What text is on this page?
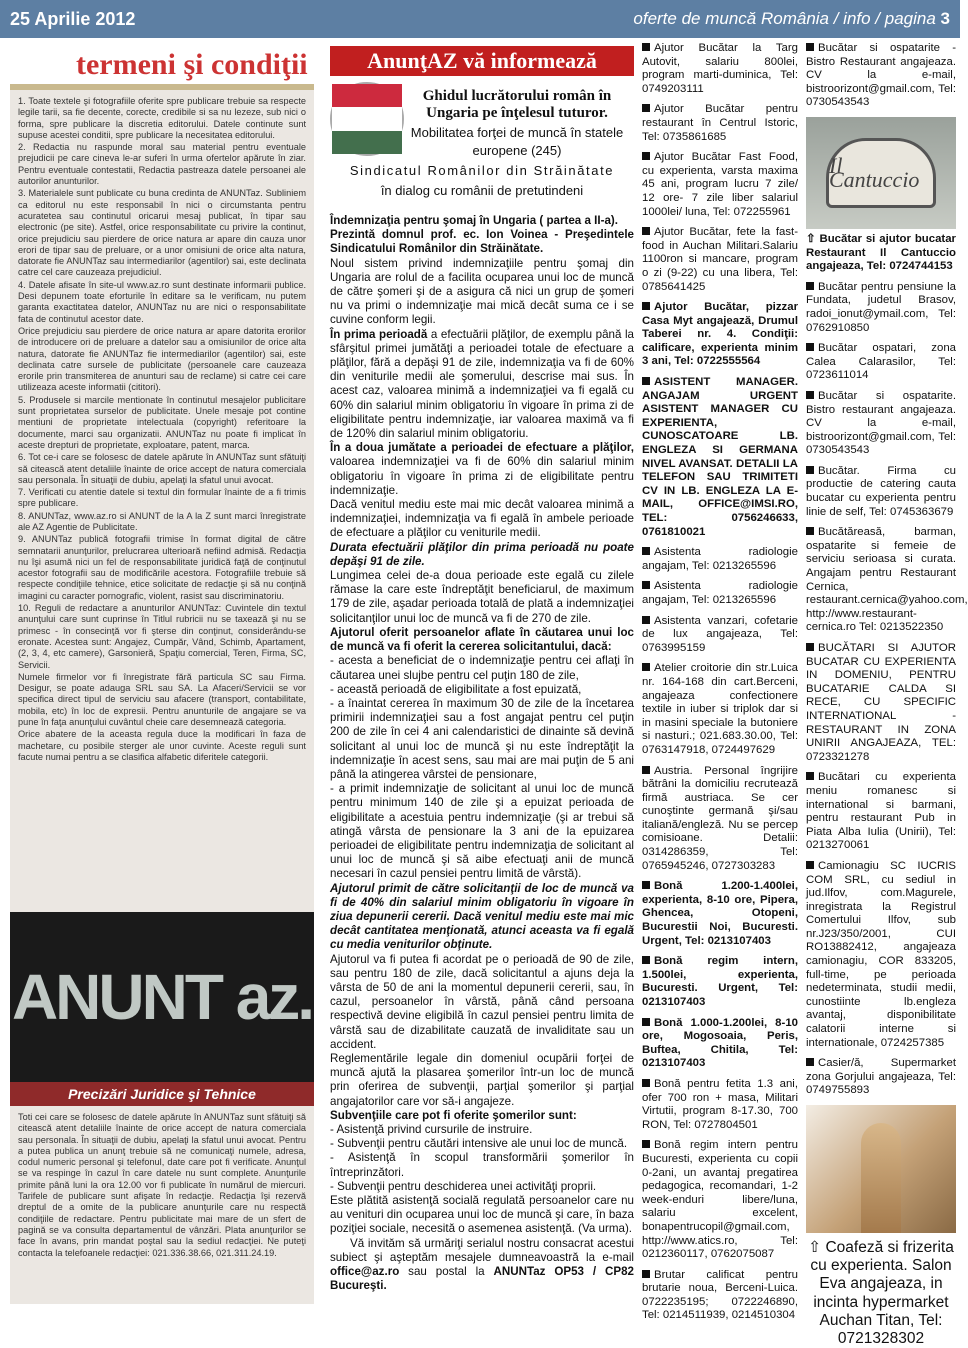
25 Aprilie 2012	oferte de muncă România / info / pagina 3
termeni şi condiţii

1. Toate textele şi fotografiile oferite spre publicare trebuie sa respecte legile tarii, sa fie decente, corecte, credibile si sa nu lezeze, sub nici o forma, spre publicare la discretia editorului. Datele continute sunt supuse acestei conditii, spre publicare la necesitatea editorului.

2. Redactia nu raspunde moral sau material pentru eventuale prejudicii pe care cineva le-ar suferi în urma ofertelor apărute în ziar. Pentru eventuale contestatii, Redactia pastreaza datele persoanei ale autorilor anunturilor.

3. Materialele sunt publicate cu buna credinta de ANUNTaz. Subliniem ca editorul nu este responsabil în nici o circumstanta pentru acuratetea sau continutul oricarui mesaj publicat, în tipar sau electronic (pe site). Astfel, orice responsabilitate cu privire la continut, orice prejudiciu sau pierdere de orice natura ar apare din cauza unor erori de tipar sau de preluare, or a unor omisiuni de orice alta natura, datorate fie ANUNTaz sau intermediarilor (agentilor) sai, este declinata catre cel care cauzeaza prejudiciul.

4. Datele afisate în site-ul www.az.ro sunt destinate informarii publice. Desi depunem toate eforturile în editare sa le verificam, nu putem garanta exactitatea datelor, ANUNTaz nu are nici o responsabilitate fata de continutul acestor date.

Orice prejudiciu sau pierdere de orice natura ar apare datorita erorilor de introducere ori de preluare a datelor sau a omisiunilor de orice alta natura, datorate fie ANUNTaz fie intermediarilor (agentilor) sai, este declinata catre sursele de publicitate (persoanele care cauzeaza erorile prin transmiterea de anunturi sau de reclame) si catre cei care utilizeaza aceste informatii (cititori).

5. Produsele si marcile mentionate în continutul mesajelor publicitare sunt proprietatea surselor de publicitate. Unele mesaje pot contine mentiuni de proprietate intelectuala (copyright) referitoare la documente, marci sau organizatii. ANUNTaz nu poate fi implicat în aceste drepturi de proprietate, exploatare, patent, marca.

6. Tot ce-i care se folosesc de datele apărute în ANUNTaz sunt sfătuiţi să citească atent detaliile înainte de orice accept de natura comerciala sau personala. În situaţii de dubiu, apelaţi la sfatul unui avocat.

7. Verificati cu atentie datele si textul din formular înainte de a fi trimis spre publicare.

8. ANUNTaz, www.az.ro si ANUNT de la A la Z sunt marci înregistrate ale AZ Agentie de Publicitate.

9. ANUNTaz publică fotografii trimise în format digital de către semnatarii anunţurilor, prelucrarea ulterioară nefiind admisă. Redacţia nu îşi asumă nici un fel de responsabilitate juridică faţă de conţinutul acestor fotografii sau de modificările acestora. Fotografiile trebuie să respecte condiţiile tehnice, etice solicitate de redacţie şi să nu conţină imagini cu caracter pornografic, violent, rasist sau discriminatoriu.

10. Reguli de redactare a anunturilor ANUNTaz: Cuvintele din textul anunţului care sunt cuprinse în Titlul rubricii nu se taxează şi nu se primesc - în consecinţă vor fi şterse din conţinut, considerându-se eronate. Acestea sunt: Angajez, Cumpăr, Vând, Schimb, Apartament, (2, 3, 4, etc camere), Garsonieră, Spaţiu comercial, Teren, Firma, SC, Servicii.

Numele firmelor vor fi înregistrate fără particula SC sau Firma. Desigur, se poate adauga SRL sau SA. La Afaceri/Servicii se vor specifica direct tipul de serviciu sau afacere (transport, contabilitate, mobila, etc) în loc de expresii. Pentru anunturile de angajare se va pune în faţa anunţului cuvântul cheie care desemnează categoria.

Orice abatere de la aceasta regula duce la modificari în faza de machetare, cu posibile sterger ale unor cuvinte. Aceste reguli sunt facute numai pentru a se clasifica alfabetic diferitele categorii.

ANUNT az.
Precizări Juridice şi Tehnice
Toti cei care se folosesc de datele apărute în ANUNTaz sunt sfătuiţi să citească atent detaliile înainte de orice accept de natura comerciala sau personala. În situaţii de dubiu, apelaţi la sfatul unui avocat. Pentru a putea publica un anunţ trebuie să ne comunicaţi numele, adresa, codul numeric personal şi telefonul, date care pot fi verificate. Anunţul se va respinge în cazul în care datele nu sunt complete. Anunţurile primite până luni la ora 12.00 vor fi publicate în numărul de miercuri. Tarifele de publicare sunt afişate în redacţie. Redacţia îşi rezervă dreptul de a omite de la publicare anunţurile care nu respectă condiţiile de redactare. Pentru publicitate mai mare de un sfert de pagină se va consulta departamentul de vânzări. Plata anunţurilor se face în avans, prin mandat poştal sau la sediul redacţiei. Ne puteţi contacta la telefoanele redacţiei: 021.336.38.66, 021.311.24.19.
AnunţAZ vă informează
Ghidul lucrătorului român în Ungaria pe înţelesul tuturor.
Mobilitatea forţei de muncă în statele europene (245)
Sindicatul Românilor din Străinătate
în dialog cu românii de pretutindeni

Îndemnizaţia pentru şomaj în Ungaria ( partea a II-a).

Prezintă domnul prof. ec. Ion Voinea - Preşedintele Sindicatului Românilor din Străinătate.

Noul sistem privind indemnizaţiile pentru şomaj din Ungaria are rolul de a facilita ocuparea unui loc de muncă de către şomeri şi de a asigura că nici un grup de şomeri nu va primi o indemnizaţie mai mică decât suma ce i se cuvine conform legii.

În prima perioadă a efectuării plăţilor, de exemplu până la sfârşitul primei jumătăţi a perioadei totale de efectuare a plăţilor, fără a depăşi 91 de zile, indemnizaţia va fi de 60% din veniturile medii ale şomerului, descrise mai sus. În acest caz, valoarea minimă a indemnizaţiei va fi egală cu 60% din salariul minim obligatoriu în vigoare în prima zi de eligibilitate pentru indemnizaţie, iar valoarea maximă va fi de 120% din salariul minim obligatoriu.

În a doua jumătate a perioadei de efectuare a plăţilor, valoarea indemnizaţiei va fi de 60% din salariul minim obligatoriu în vigoare în prima zi de eligibilitate pentru indemnizaţie.

Dacă venitul mediu este mai mic decât valoarea minimă a indemnizaţiei, indemnizaţia va fi egală în ambele perioade de efectuare a plăţilor cu veniturile medii.

Durata efectuării plăţilor din prima perioadă nu poate depăşi 91 de zile.

Lungimea celei de-a doua perioade este egală cu zilele rămase la care este îndreptăţit beneficiarul, de maximum 179 de zile, aşadar perioada totală de plată a indemnizaţiei solicitanţilor unui loc de muncă va fi de 270 de zile.

Ajutorul oferit persoanelor aflate în căutarea unui loc de muncă va fi oferit la cererea solicitantului, dacă:

- acesta a beneficiat de o indemnizaţie pentru cei aflaţi în căutarea unei slujbe pentru cel puţin 180 de zile,

- această perioadă de eligibilitate a fost epuizată,

- a înaintat cererea în maximum 30 de zile de la încetarea primirii indemnizaţiei sau a fost angajat pentru cel puţin 200 de zile în cei 4 ani calendaristici de dinainte să devină solicitant al unui loc de muncă şi nu este îndreptăţit la indemnizaţie în acest sens, sau mai are mai puţin de 5 ani până la atingerea vârstei de pensionare,

- a primit indemnizaţie de solicitant al unui loc de muncă pentru minimum 140 de zile şi a epuizat perioada de eligibilitate a acestuia pentru indemnizaţie (şi ar trebui să atingă vârsta de pensionare la 3 ani de la epuizarea perioadei de eligibilitate pentru indemnizaţia de solicitant al unui loc de muncă şi să aibe efectuaţi anii de muncă necesari în cazul pensiei pentru limită de vârstă).

Ajutorul primit de către solicitanţii de loc de muncă va fi de 40% din salariul minim obligatoriu în vigoare în ziua depunerii cererii. Dacă venitul mediu este mai mic decât cantitatea menţionată, atunci aceasta va fi egală cu media veniturilor obţinute.

Ajutorul va fi putea fi acordat pe o perioadă de 90 de zile, sau pentru 180 de zile, dacă solicitantul a ajuns deja la vârsta de 50 de ani la momentul depunerii cererii, sau, în cazul, persoanelor în vârstă, până când persoana respectivă devine eligibilă în cazul pensiei pentru limita de vârstă sau de dizabilitate cauzată de invaliditate sau un accident.

Reglementările legale din domeniul ocupării forţei de muncă ajută la plasarea şomerilor într-un loc de muncă prin oferirea de subvenţii, parţial şomerilor şi parţial angajatorilor care vor să-i angajeze.

Subvenţiile care pot fi oferite şomerilor sunt:

- Asistenţă privind cursurile de instruire.

- Subvenţii pentru căutări intensive ale unui loc de muncă.

- Asistenţă în scopul transformării şomerilor în întreprinzători.

- Subvenţii pentru deschiderea unei activităţi proprii.

Este plătită asistenţă socială regulată persoanelor care nu au venituri din ocuparea unui loc de muncă şi care, în baza poziţiei sociale, necesită o asemenea asistenţă. (Va urma).

Vă invităm să urmăriţi serialul nostru consacrat acestui subiect şi aşteptăm mesajele dumneavoastră la e-mail office@az.ro sau postal la ANUNTaz OP53 / CP82 Bucureşti.

Ajutor Bucătar la Targ Autovit, salariu 800lei, program marti-duminica, Tel: 0749203111
Ajutor Bucătar pentru restaurant în Centrul Istoric, Tel: 0735861685
Ajutor Bucătar Fast Food, cu experienta, varsta maxima 45 ani, program lucru 7 zile/ 12 ore- 7 zile liber salariul 1000lei/ luna, Tel: 072255961
Ajutor Bucătar, fete la fast-food in Auchan Militari.Salariu 1100ron si mancare, program o zi (9-22) cu una libera, Tel: 0785641425
Ajutor Bucătar, pizzar Casa Myt angajează, Drumul Taberei nr. 4. Condiţii: calificare, experienta minim 3 ani, Tel: 0722555564
ASISTENT MANAGER. ANGAJAM URGENT ASISTENT MANAGER CU EXPERIENTA, CUNOSCATOARE LB. ENGLEZA SI GERMANA NIVEL AVANSAT. DETALII LA TELEFON SAU TRIMITETI CV IN LB. ENGLEZA LA E-MAIL, OFFICE@IMSI.RO, TEL: 0756246633, 0761810021
Asistenta radiologie angajam, Tel: 0213265596
Asistenta radiologie angajam, Tel: 0213265596
Asistenta vanzari, cofetarie de lux angajeaza, Tel: 0763995159
Atelier croitorie din str.Luica nr. 164-168 din cart.Berceni, angajeaza confectionere textile in iuber si triplok dar si in masini speciale la butoniere si nasturi.; 021.683.30.00, Tel: 0763147918, 0724497629
Austria. Personal îngrijire bătrâni la domiciliu recrutează firmă austriaca. Se cer cunoştinte germană şi/sau italiană/engleză. Nu se percep comisioane. Detalii: 0314286359, Tel: 0765945246, 0727303283
Bonă 1.200-1.400lei, experienta, 8-10 ore, Pipera, Ghencea, Otopeni, Bucurestii Noi, Bucuresti. Urgent, Tel: 0213107403
Bonă regim intern, 1.500lei, experienta, Bucuresti. Urgent, Tel: 0213107403
Bonă 1.000-1.200lei, 8-10 ore, Mogosoaia, Peris, Buftea, Chitila, Tel: 0213107403
Bonă pentru fetita 1.3 ani, ofer 700 ron + masa, Militari Virtutii, program 8-17.30, 700 RON, Tel: 0727804501
Bonă regim intern pentru Bucuresti, experienta cu copii 0-2ani, un avantaj pregatirea pedagogica, recomandari, 1-2 week-enduri libere/luna, salariu excelent, bonapentrucopil@gmail.com, http://www.atics.ro, Tel: 0212360117, 0762075087
Brutar calificat pentru brutarie noua, Berceni-Luica. 0722235195; 0722246890, Tel: 0214511939, 0214510304
Bucătar si ospatarite - Bistro Restaurant angajeaza. CV la e-mail, bistroorizont@gmail.com, Tel: 0730543543
Il Cantuccio
⇧ Bucătar si ajutor bucatar Restaurant Il Cantuccio angajeaza, Tel: 0724744153
Bucătar pentru pensiune la Fundata, judetul Brasov, radoi_ionut@ymail.com, Tel: 0762910850
Bucătar ospatari, zona Calea Calarasilor, Tel: 0723611014
Bucătar si ospatarite. Bistro restaurant angajeaza. CV la e-mail, bistroorizont@gmail.com, Tel: 0730543543
Bucătar. Firma cu productie de catering cauta bucatar cu experienta pentru linie de self, Tel: 0745363679
Bucătăreasă, barman, ospatarite si femeie de serviciu serioasa si curata. Angajam pentru Restaurant Cernica, restaurant.cernica@yahoo.com, http://www.restaurant-cernica.ro Tel: 0213522350
BUCĂTARI SI AJUTOR BUCATAR CU EXPERIENTA IN DOMENIU, PENTRU BUCATARIE CALDA SI RECE, CU SPECIFIC INTERNATIONAL - RESTAURANT IN ZONA UNIRII ANGAJEAZA, TEL: 0723321278
Bucătari cu experienta meniu romanesc si international si barmani, pentru restaurant Pub in Piata Alba Iulia (Unirii), Tel: 0213270061
Camionagiu SC IUCRIS COM SRL, cu sediul in jud.Ilfov, com.Magurele, inregistrata la Registrul Comertului Ilfov, sub nr.J23/350/2001, CUI RO13882412, angajeaza camionagiu, COR 833205, full-time, pe perioada nedeterminata, studii medii, cunostiinte lb.engleza avantaj, disponibilitate calatorii interne si internationale, 0724257385
Casier/ă, Supermarket zona Gorjului angajeaza, Tel: 0749755893
⇧ Coafeză si frizerita cu experienta. Salon Eva angajeaza, in incinta hypermarket Auchan Titan, Tel: 0721328302
